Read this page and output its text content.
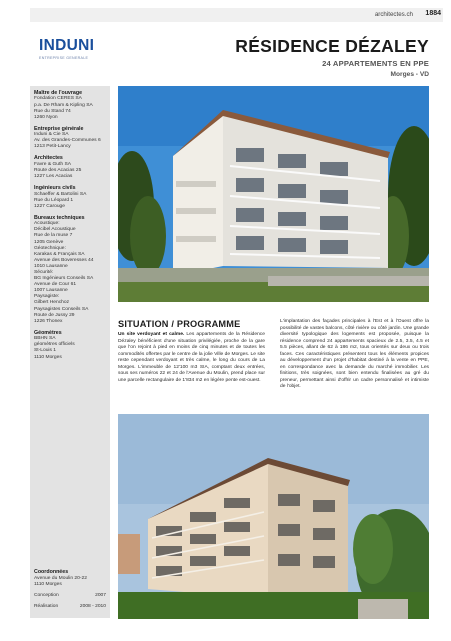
architectes.ch 1884
INDUNI
ENTREPRISE GENERALE
RÉSIDENCE DÉZALEY
24 APPARTEMENTS EN PPE
Morges - VD
Maître de l'ouvrage
Fondation CERES SA
p.a. De Rham & Kipling SA
Rue du Stand 74
1260 Nyon
Entreprise générale
Induni & Cie SA
Av. des Grandes-Communes 6
1213 Petit-Lancy
Architectes
Favre & Guth SA
Route des Acacias 25
1227 Les Acacias
Ingénieurs civils
Schaeffer & Bartolini SA
Rue du Léopard 1
1227 Carouge
Bureaux techniques
Acoustique:
Décibel Acoustique
Rue de la muse 7
1205 Genève
Géotechnique:
Karakas & Français SA
Avenue des Boveresses 44
1010 Lausanne
Sécurité:
BG Ingénieurs Conseils SA
Avenue de Cour 61
1007 Lausanne
Paysagiste:
Gilbert Henchoz
Paysagistes Conseils SA
Route de Jussy 29
1226 Thonex
Géomètres
BBHN SA
géomètres officiels
St-Louis 1
1110 Morges
Coordonnées
Avenue du Moulin 20-22
1110 Morges
Conception	2007
Réalisation	2008 - 2010
SITUATION / PROGRAMME
Un site verdoyant et calme. Les appartements de la Résidence Dézaley bénéficient d'une situation privilégiée, proche de la gare que l'on rejoint à pied en moins de cinq minutes et de toutes les commodités offertes par le centre de la jolie Ville de Morges. Le site reste cependant verdoyant et très calme, le long du cours de La Morges. L'immeuble de 12'100 m3 SIA, comptant deux entrées, sous ses numéros 22 et 24 de l'Avenue du Moulin, prend place sur une parcelle rectangulaire de 1'834 m2 en légère pente est-ouest.
L'implantation des façades principales à l'Est et à l'Ouest offre la possibilité de vastes balcons, côté rivière ou côté jardin. Une grande diversité typologique des logements est proposée, puisque la résidence comprend 24 appartements spacieux de 2.5, 3.5, 4.5 et 5.5 pièces, allant de 62 à 186 m2, tous orientés sur deux ou trois faces. Ces caractéristiques présentent tous les éléments propices au développement d'un projet d'habitat destiné à la vente en PPE, en correspondance avec la demande du marché immobilier. Les finitions, très soignées, sont bien entendu finalisées au gré du preneur, permettant ainsi d'offrir un cadre personnalisé et intimiste de l'objet.
